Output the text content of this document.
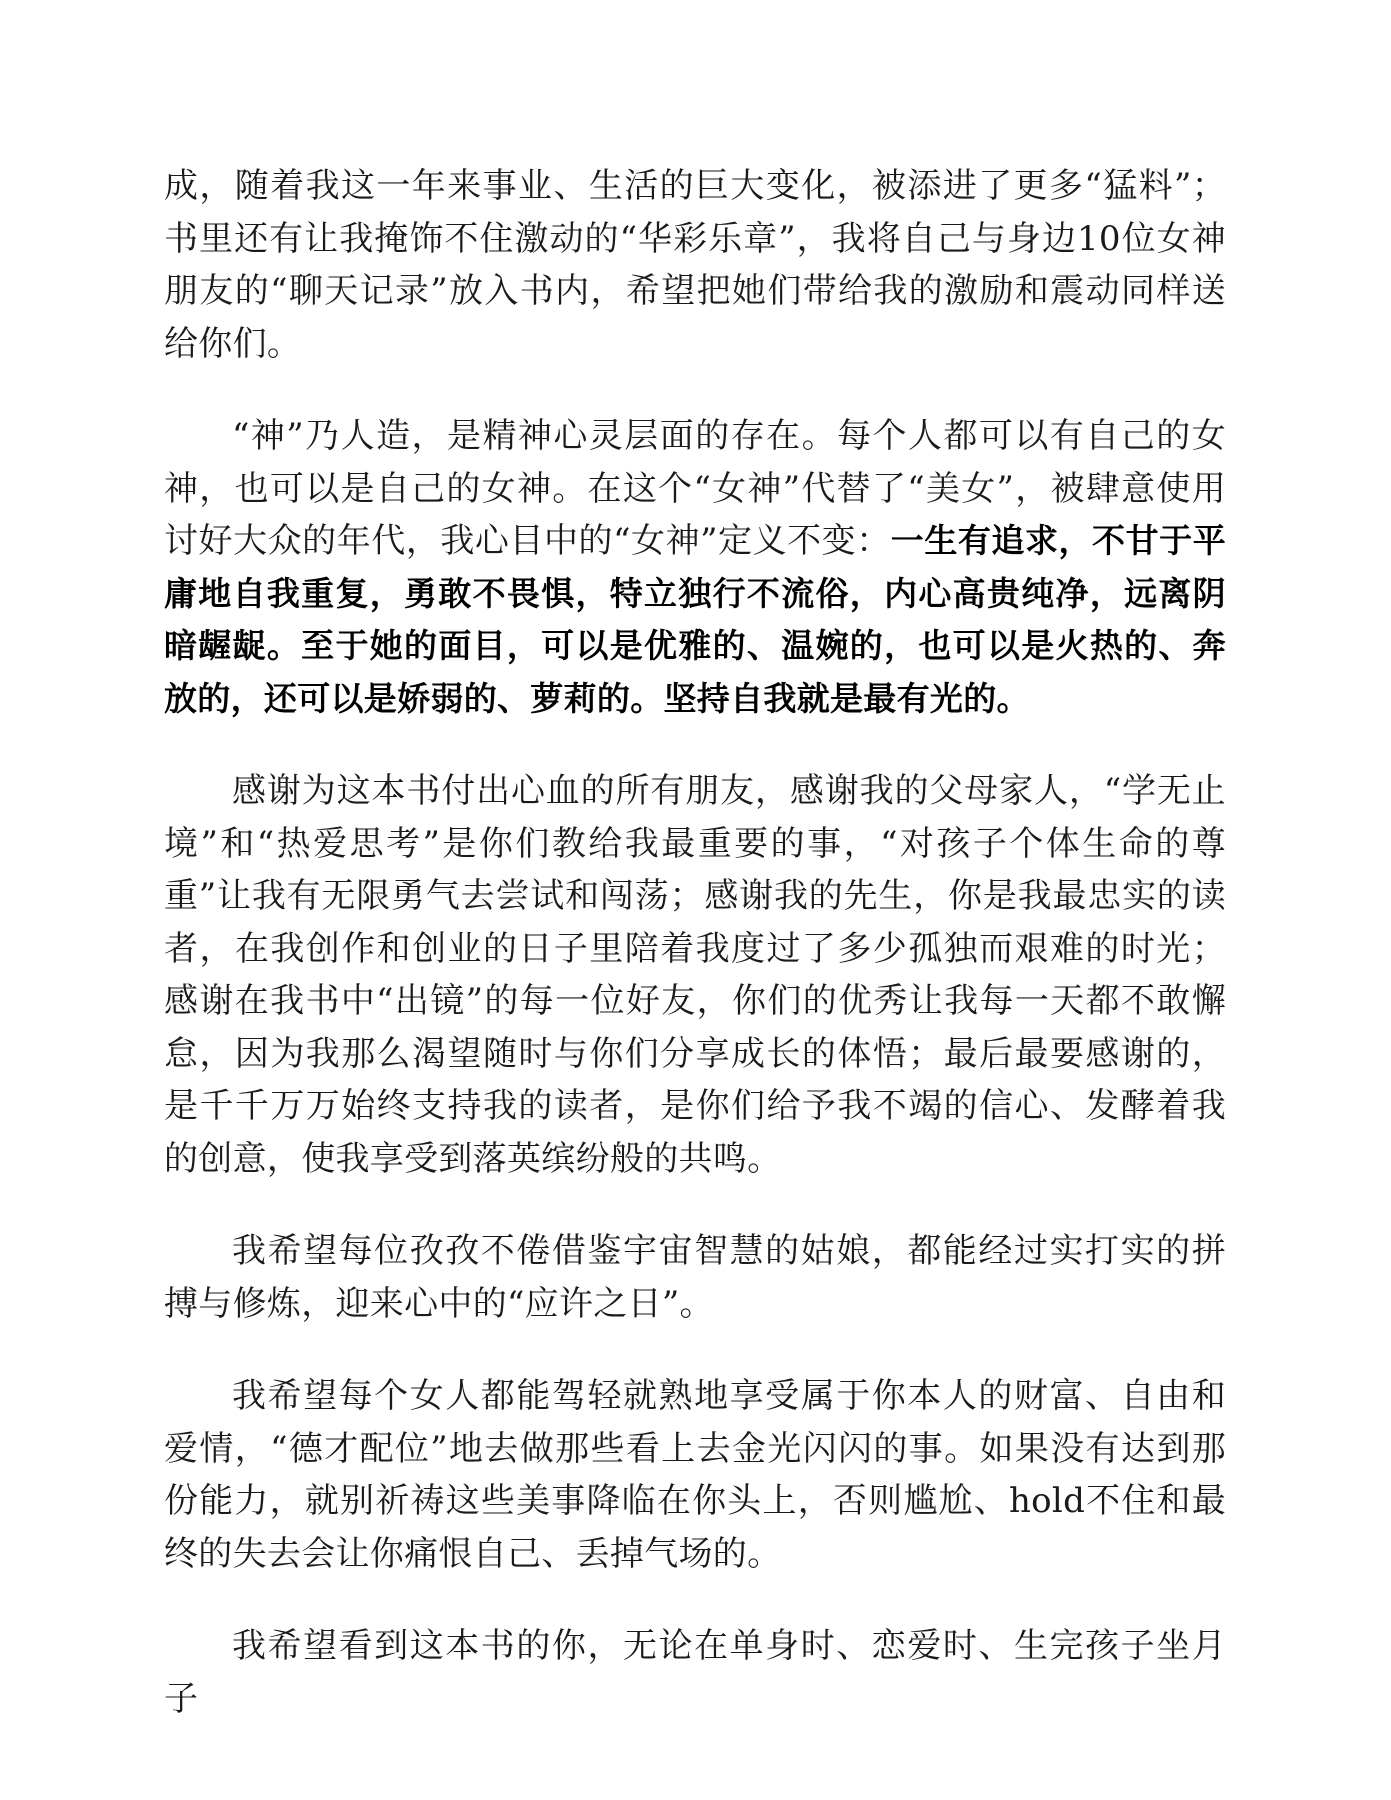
成，随着我这一年来事业、生活的巨大变化，被添进了更多“猛料”；书里还有让我掩饰不住激动的“华彩乐章”，我将自己与身边10位女神朋友的“聊天记录”放入书内，希望把她们带给我的激励和震动同样送给你们。

“神”乃人造，是精神心灵层面的存在。每个人都可以有自己的女神，也可以是自己的女神。在这个“女神”代替了“美女”，被肆意使用讨好大众的年代，我心目中的“女神”定义不变：一生有追求，不甘于平庸地自我重复，勇敢不畏惧，特立独行不流俗，内心高贵纯净，远离阴暗龌龊。至于她的面目，可以是优雅的、温婉的，也可以是火热的、奔放的，还可以是娇弱的、萝莉的。坚持自我就是最有光的。

感谢为这本书付出心血的所有朋友，感谢我的父母家人，“学无止境”和“热爱思考”是你们教给我最重要的事，“对孩子个体生命的尊重”让我有无限勇气去尝试和闯荡；感谢我的先生，你是我最忠实的读者，在我创作和创业的日子里陪着我度过了多少孤独而艰难的时光；感谢在我书中“出镜”的每一位好友，你们的优秀让我每一天都不敢懈怠，因为我那么渴望随时与你们分享成长的体悟；最后最要感谢的，是千千万万始终支持我的读者，是你们给予我不竭的信心、发酵着我的创意，使我享受到落英缤纷般的共鸣。

我希望每位孜孜不倦借鉴宇宙智慧的姑娘，都能经过实打实的拼搏与修炼，迎来心中的“应许之日”。

我希望每个女人都能驾轻就熟地享受属于你本人的财富、自由和爱情，“德才配位”地去做那些看上去金光闪闪的事。如果没有达到那份能力，就别祈祷这些美事降临在你头上，否则尴尬、hold不住和最终的失去会让你痛恨自己、丢掉气场的。

我希望看到这本书的你，无论在单身时、恋爱时、生完孩子坐月子
